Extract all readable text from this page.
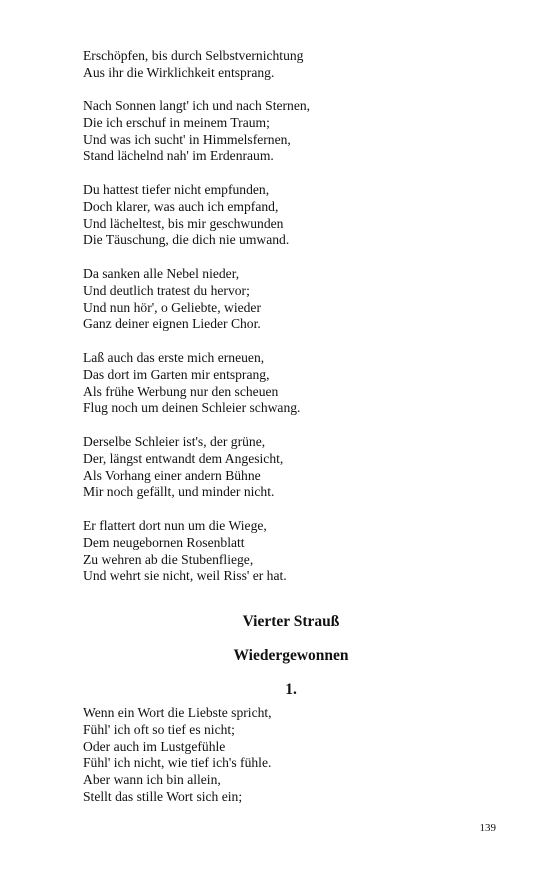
Erschöpfen, bis durch Selbstvernichtung
Aus ihr die Wirklichkeit entsprang.
Nach Sonnen langt' ich und nach Sternen,
Die ich erschuf in meinem Traum;
Und was ich sucht' in Himmelsfernen,
Stand lächelnd nah' im Erdenraum.
Du hattest tiefer nicht empfunden,
Doch klarer, was auch ich empfand,
Und lächeltest, bis mir geschwunden
Die Täuschung, die dich nie umwand.
Da sanken alle Nebel nieder,
Und deutlich tratest du hervor;
Und nun hör', o Geliebte, wieder
Ganz deiner eignen Lieder Chor.
Laß auch das erste mich erneuen,
Das dort im Garten mir entsprang,
Als frühe Werbung nur den scheuen
Flug noch um deinen Schleier schwang.
Derselbe Schleier ist's, der grüne,
Der, längst entwandt dem Angesicht,
Als Vorhang einer andern Bühne
Mir noch gefällt, und minder nicht.
Er flattert dort nun um die Wiege,
Dem neugebornen Rosenblatt
Zu wehren ab die Stubenfliege,
Und wehrt sie nicht, weil Riss' er hat.
Vierter Strauß
Wiedergewonnen
1.
Wenn ein Wort die Liebste spricht,
Fühl' ich oft so tief es nicht;
Oder auch im Lustgefühle
Fühl' ich nicht, wie tief ich's fühle.
Aber wann ich bin allein,
Stellt das stille Wort sich ein;
139
